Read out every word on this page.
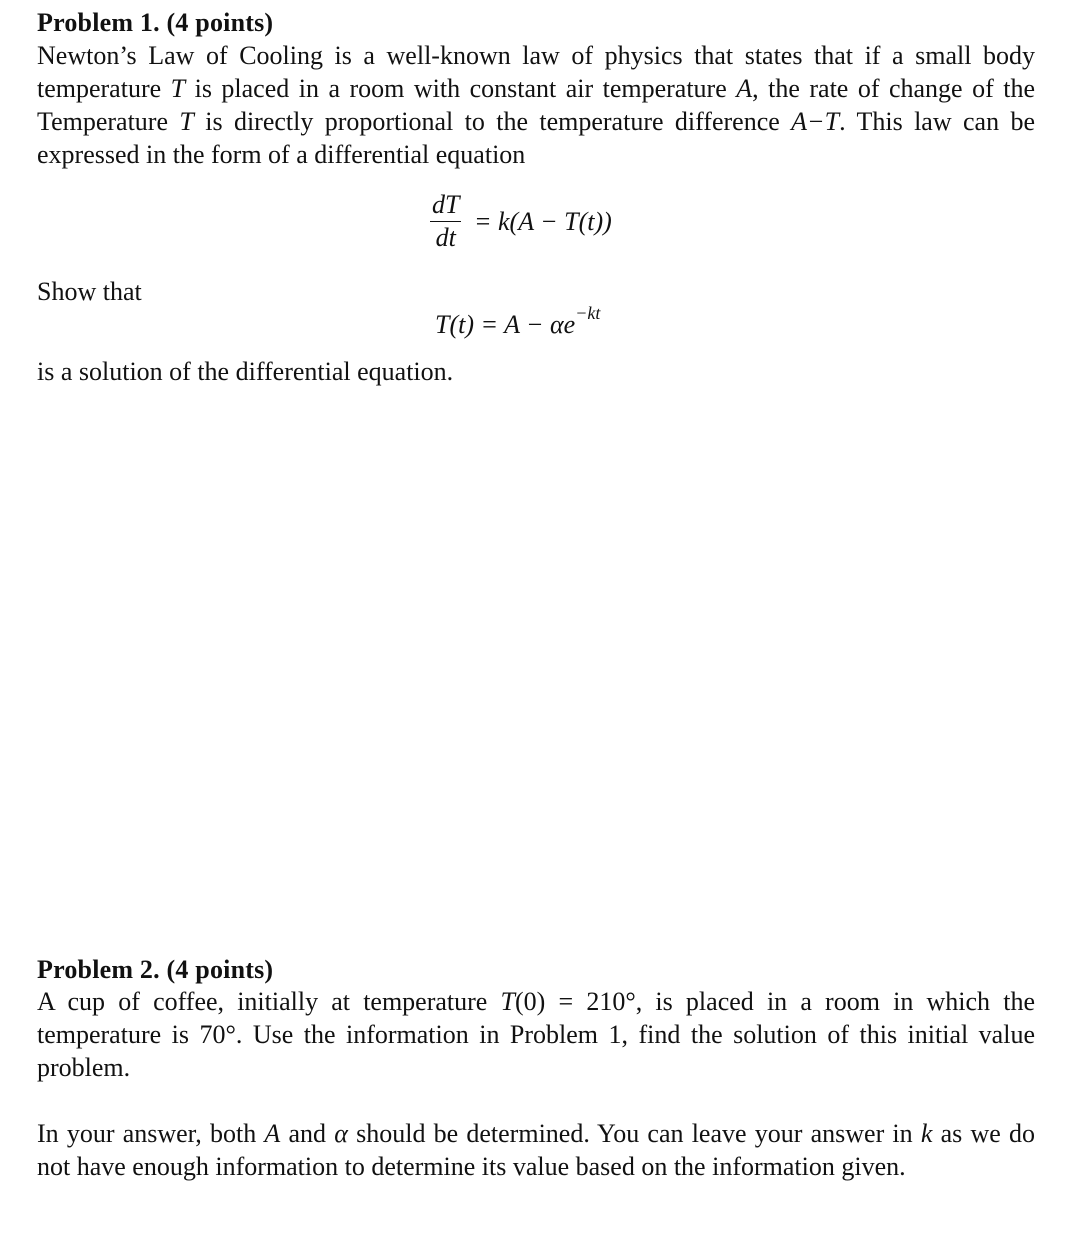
Problem 1. (4 points)
Newton’s Law of Cooling is a well-known law of physics that states that if a small body temperature T is placed in a room with constant air temperature A, the rate of change of the Temperature T is directly proportional to the temperature difference A−T. This law can be expressed in the form of a differential equation
$\frac{dT}{dt} = k(A - T(t))$
Show that
$T(t) = A - \alpha e^{-kt}$
is a solution of the differential equation.
Problem 2. (4 points)
A cup of coffee, initially at temperature T(0) = 210°, is placed in a room in which the temperature is 70°. Use the information in Problem 1, find the solution of this initial value problem.
In your answer, both A and α should be determined. You can leave your answer in k as we do not have enough information to determine its value based on the information given.
